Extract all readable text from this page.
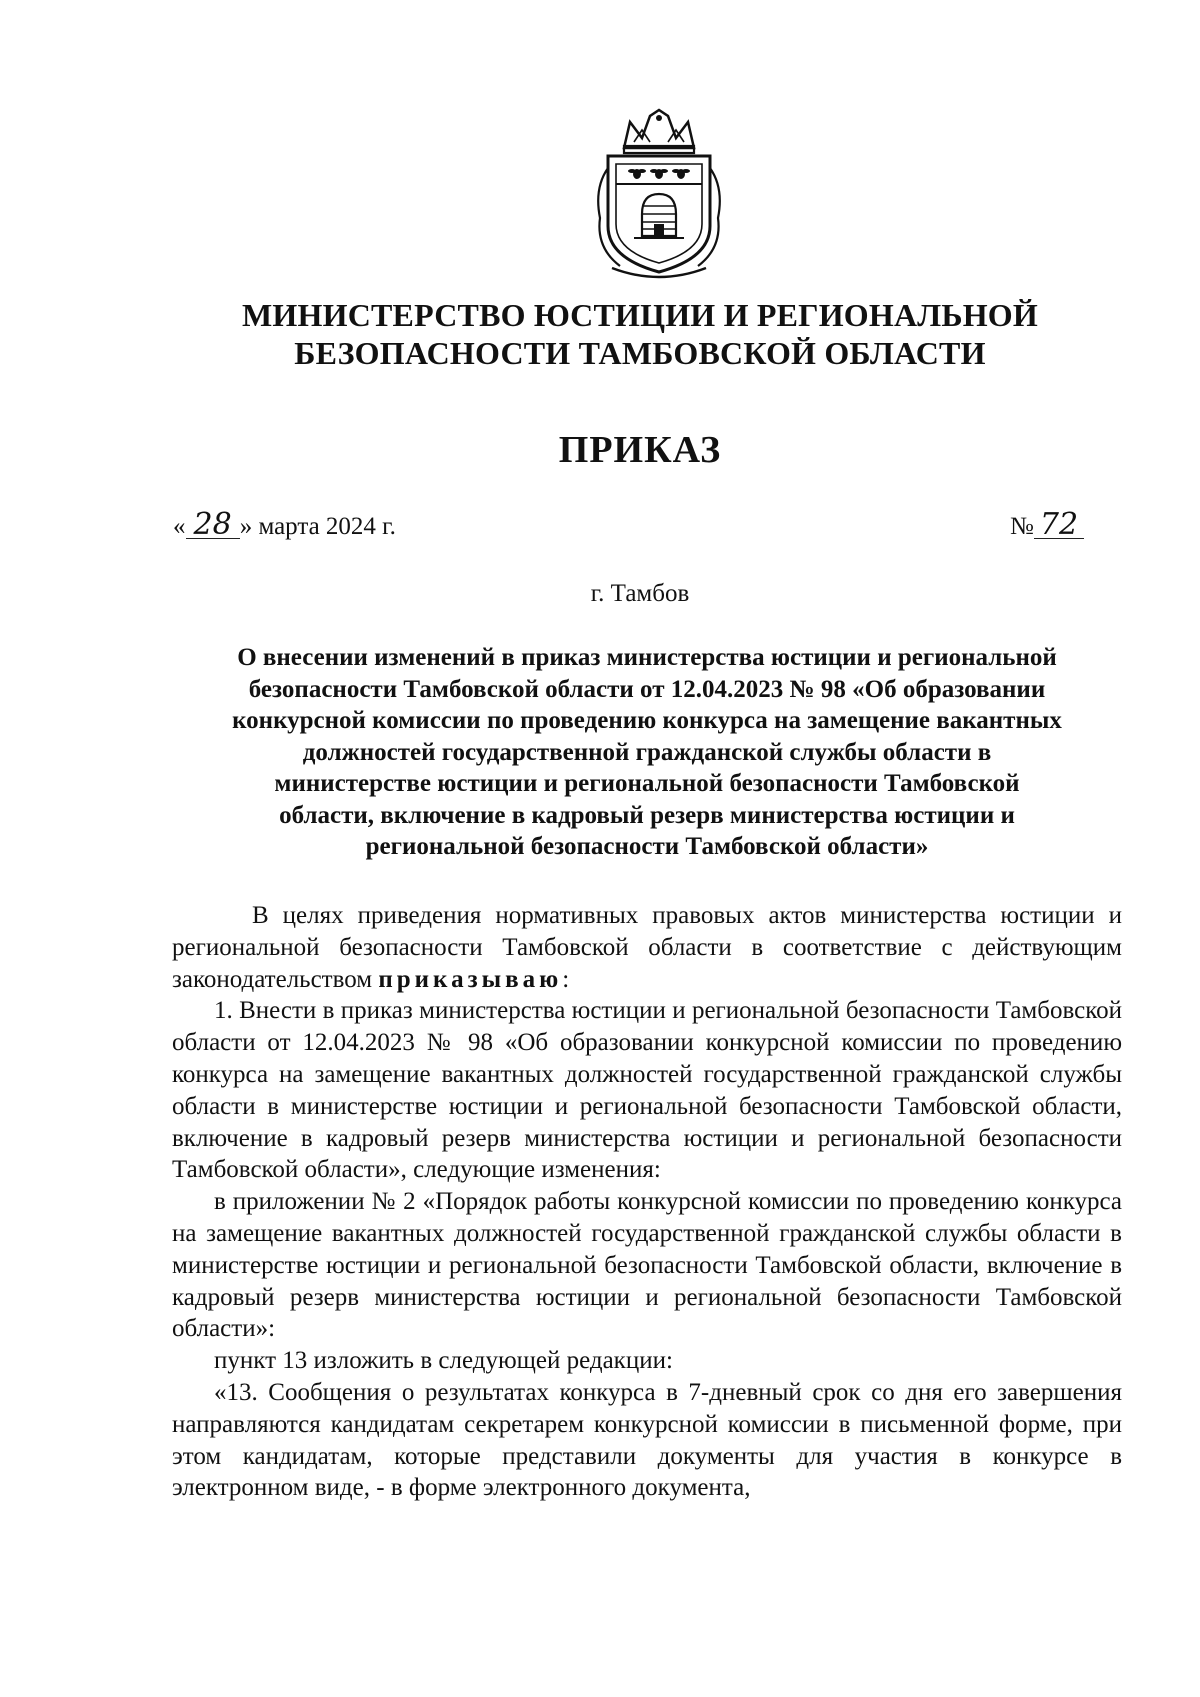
МИНИСТЕРСТВО ЮСТИЦИИ И РЕГИОНАЛЬНОЙ
БЕЗОПАСНОСТИ ТАМБОВСКОЙ ОБЛАСТИ
ПРИКАЗ
« 28 » марта 2024 г.	№ 72
г. Тамбов
О внесении изменений в приказ министерства юстиции и региональной
безопасности Тамбовской области от 12.04.2023 № 98 «Об образовании
конкурсной комиссии по проведению конкурса на замещение вакантных
должностей государственной гражданской службы области в
министерстве юстиции и региональной безопасности Тамбовской
области, включение в кадровый резерв министерства юстиции и
региональной безопасности Тамбовской области»

В целях приведения нормативных правовых актов министерства юстиции и региональной безопасности Тамбовской области в соответствие с действующим законодательством приказываю:

1. Внести в приказ министерства юстиции и региональной безопасности Тамбовской области от 12.04.2023 № 98 «Об образовании конкурсной комиссии по проведению конкурса на замещение вакантных должностей государственной гражданской службы области в министерстве юстиции и региональной безопасности Тамбовской области, включение в кадровый резерв министерства юстиции и региональной безопасности Тамбовской области», следующие изменения:

в приложении № 2 «Порядок работы конкурсной комиссии по проведению конкурса на замещение вакантных должностей государственной гражданской службы области в министерстве юстиции и региональной безопасности Тамбовской области, включение в кадровый резерв министерства юстиции и региональной безопасности Тамбовской области»:

пункт 13 изложить в следующей редакции:

«13. Сообщения о результатах конкурса в 7-дневный срок со дня его завершения направляются кандидатам секретарем конкурсной комиссии в письменной форме, при этом кандидатам, которые представили документы для участия в конкурсе в электронном виде, - в форме электронного документа,
